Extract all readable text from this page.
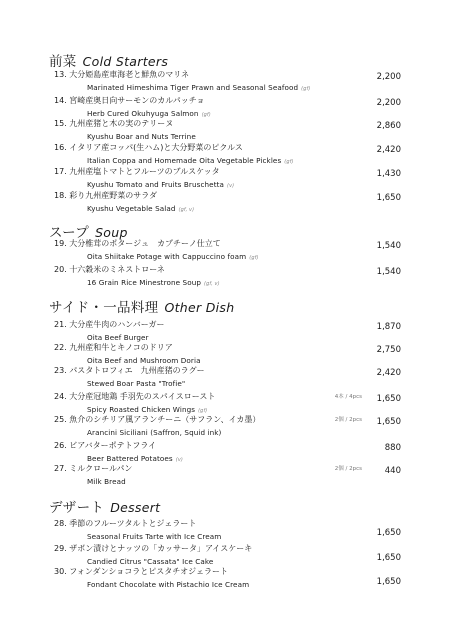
前菜 Cold Starters
13. 大分姫島産車海老と鮮魚のマリネ
Marinated Himeshima Tiger Prawn and Seasonal Seafood (gf)
2,200
14. 宮崎産奥日向サーモンのカルパッチョ
Herb Cured Okuhyuga Salmon (gf)
2,200
15. 九州産猪と木の実のテリーヌ
Kyushu Boar and Nuts Terrine
2,860
16. イタリア産コッパ(生ハム)と大分野菜のピクルス
Italian Coppa and Homemade Oita Vegetable Pickles (gf)
2,420
17. 九州産塩トマトとフルーツのブルスケッタ
Kyushu Tomato and Fruits Bruschetta (v)
1,430
18. 彩り九州産野菜のサラダ
Kyushu Vegetable Salad (gf, v)
1,650
スープ Soup
19. 大分椎茸のポタージュ　カプチーノ仕立て
Oita Shiitake Potage with Cappuccino foam (gf)
1,540
20. 十六穀米のミネストローネ
16 Grain Rice Minestrone Soup (gf, v)
1,540
サイド・一品料理 Other Dish
21. 大分産牛肉のハンバーガー
Oita Beef Burger
1,870
22. 九州産和牛とキノコのドリア
Oita Beef and Mushroom Doria
2,750
23. パスタトロフィエ　九州産猪のラグー
Stewed Boar Pasta "Trofie"
2,420
24. 大分産冠地鶏 手羽先のスパイスロースト
Spicy Roasted Chicken Wings (gf)
4本 / 4pcs 1,650
25. 魚介のシチリア風アランチーニ（サフラン、イカ墨）
Arancini Siciliani (Saffron, Squid ink)
2個 / 2pcs 1,650
26. ビアバターポテトフライ
Beer Battered Potatoes (v)
880
27. ミルクロールパン
Milk Bread
2個 / 2pcs	440
デザート Dessert
28. 季節のフルーツタルトとジェラート
Seasonal Fruits Tarte with Ice Cream	1,650
29. ザボン漬けとナッツの「カッサータ」アイスケーキ
Candied Citrus "Cassata" Ice Cake	1,650
30. フォンダンショコラとピスタチオジェラート
Fondant Chocolate with Pistachio Ice Cream	1,650
